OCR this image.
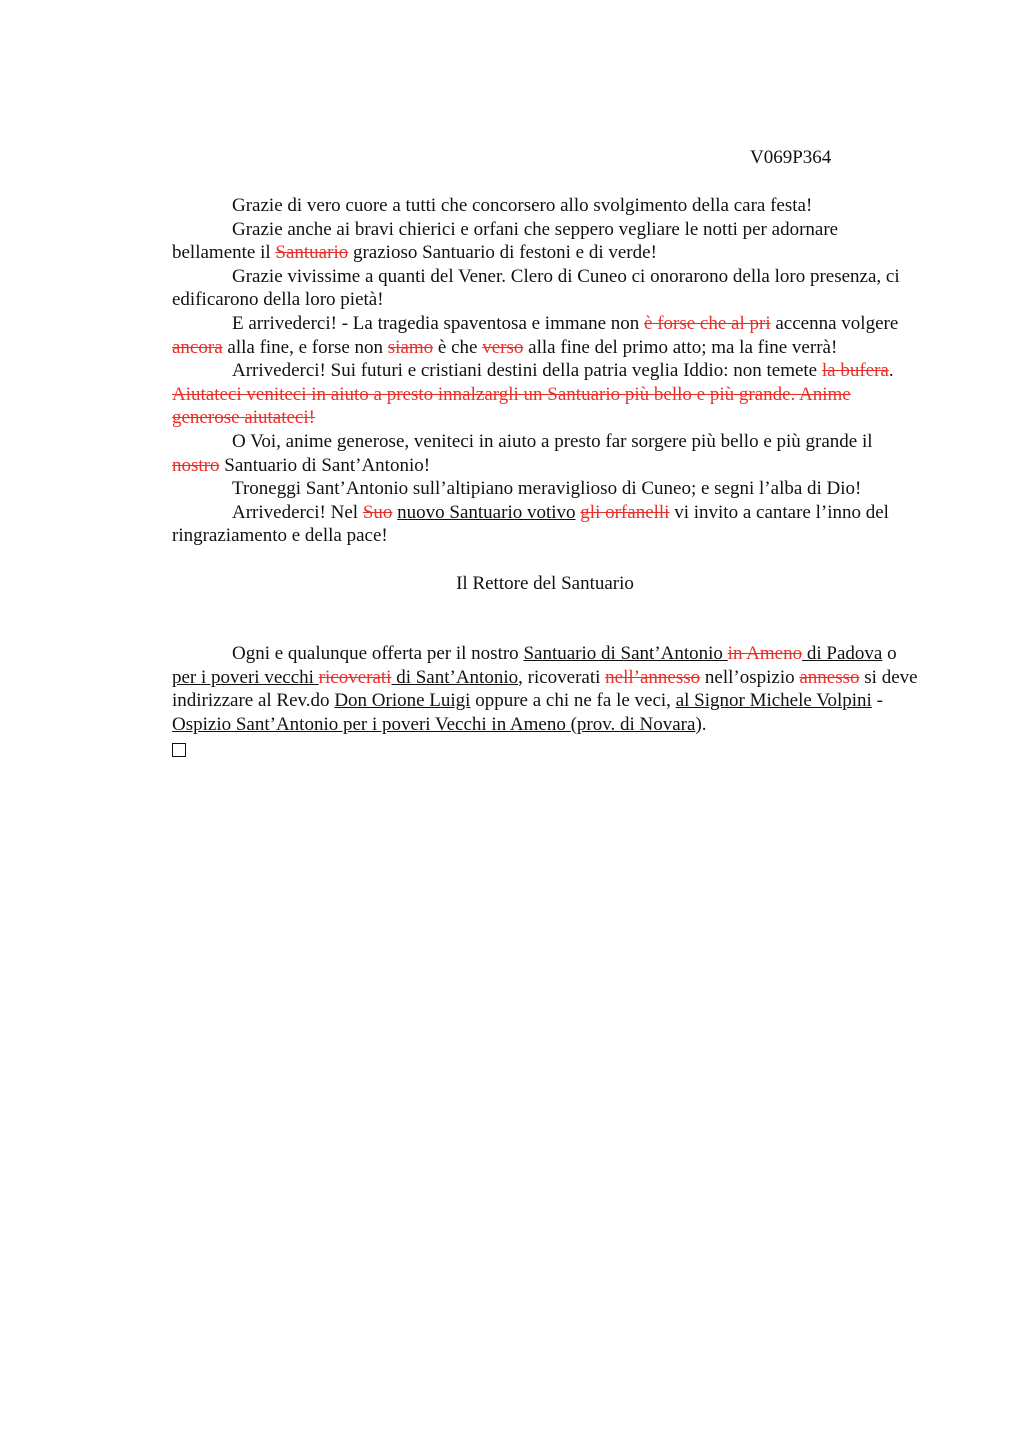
V069P364

Grazie di vero cuore a tutti che concorsero allo svolgimento della cara festa!

Grazie anche ai bravi chierici e orfani che seppero vegliare le notti per adornare bellamente il Santuario grazioso Santuario di festoni e di verde!

Grazie vivissime a quanti del Vener. Clero di Cuneo ci onorarono della loro presenza, ci edificarono della loro pietà!

E arrivederci! - La tragedia spaventosa e immane non è forse che al pri accenna volgere ancora alla fine, e forse non siamo è che verso alla fine del primo atto; ma la fine verrà!

Arrivederci! Sui futuri e cristiani destini della patria veglia Iddio: non temete la bufera. Aiutateci veniteci in aiuto a presto innalzargli un Santuario più bello e più grande. Anime generose aiutateci!

O Voi, anime generose, veniteci in aiuto a presto far sorgere più bello e più grande il nostro Santuario di Sant’Antonio!

Troneggi Sant’Antonio sull’altipiano meraviglioso di Cuneo; e segni l’alba di Dio!

Arrivederci! Nel Suo nuovo Santuario votivo gli orfanelli vi invito a cantare l’inno del ringraziamento e della pace!

Il Rettore del Santuario

Ogni e qualunque offerta per il nostro Santuario di Sant’Antonio in Ameno di Padova o per i poveri vecchi ricoverati di Sant’Antonio, ricoverati nell’annesso nell’ospizio annesso si deve indirizzare al Rev.do Don Orione Luigi oppure a chi ne fa le veci, al Signor Michele Volpini - Ospizio Sant’Antonio per i poveri Vecchi in Ameno (prov. di Novara).
